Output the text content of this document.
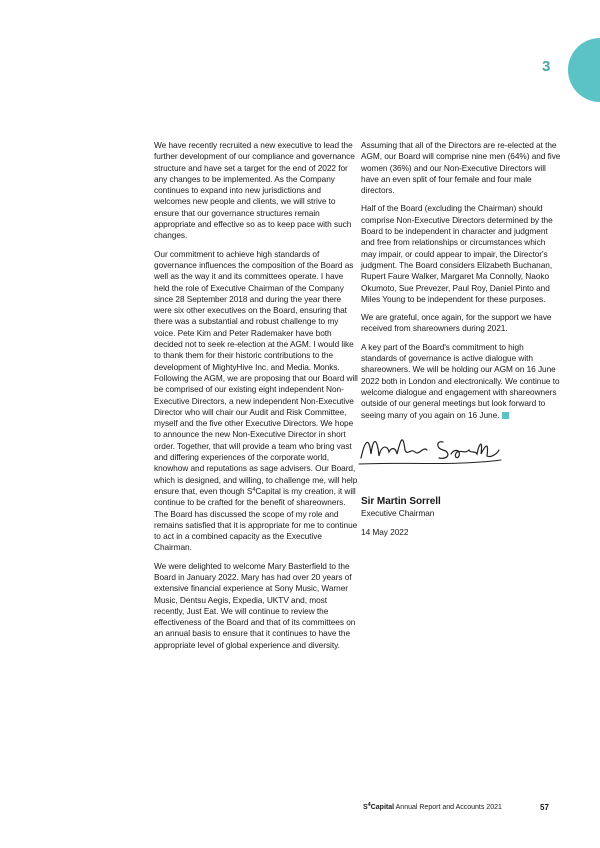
3

We have recently recruited a new executive to lead the further development of our compliance and governance structure and have set a target for the end of 2022 for any changes to be implemented. As the Company continues to expand into new jurisdictions and welcomes new people and clients, we will strive to ensure that our governance structures remain appropriate and effective so as to keep pace with such changes.

Our commitment to achieve high standards of governance influences the composition of the Board as well as the way it and its committees operate. I have held the role of Executive Chairman of the Company since 28 September 2018 and during the year there were six other executives on the Board, ensuring that there was a substantial and robust challenge to my voice. Pete Kim and Peter Rademaker have both decided not to seek re-election at the AGM. I would like to thank them for their historic contributions to the development of MightyHive Inc. and Media. Monks. Following the AGM, we are proposing that our Board will be comprised of our existing eight independent Non-Executive Directors, a new independent Non-Executive Director who will chair our Audit and Risk Committee, myself and the five other Executive Directors. We hope to announce the new Non-Executive Director in short order. Together, that will provide a team who bring vast and differing experiences of the corporate world, knowhow and reputations as sage advisers. Our Board, which is designed, and willing, to challenge me, will help ensure that, even though $S^4Capital$ is my creation, it will continue to be crafted for the benefit of shareowners. The Board has discussed the scope of my role and remains satisfied that it is appropriate for me to continue to act in a combined capacity as the Executive Chairman.

We were delighted to welcome Mary Basterfield to the Board in January 2022. Mary has had over 20 years of extensive financial experience at Sony Music, Warner Music, Dentsu Aegis, Expedia, UKTV and, most recently, Just Eat. We will continue to review the effectiveness of the Board and that of its committees on an annual basis to ensure that it continues to have the appropriate level of global experience and diversity.

Assuming that all of the Directors are re-elected at the AGM, our Board will comprise nine men (64%) and five women (36%) and our Non-Executive Directors will have an even split of four female and four male directors.

Half of the Board (excluding the Chairman) should comprise Non-Executive Directors determined by the Board to be independent in character and judgment and free from relationships or circumstances which may impair, or could appear to impair, the Director's judgment. The Board considers Elizabeth Buchanan, Rupert Faure Walker, Margaret Ma Connolly, Naoko Okumoto, Sue Prevezer, Paul Roy, Daniel Pinto and Miles Young to be independent for these purposes.

We are grateful, once again, for the support we have received from shareowners during 2021.

A key part of the Board's commitment to high standards of governance is active dialogue with shareowners. We will be holding our AGM on 16 June 2022 both in London and electronically. We continue to welcome dialogue and engagement with shareowners outside of our general meetings but look forward to seeing many of you again on 16 June.

Sir Martin Sorrell
Executive Chairman
14 May 2022
$S^4Capital$ Annual Report and Accounts 2021	57
